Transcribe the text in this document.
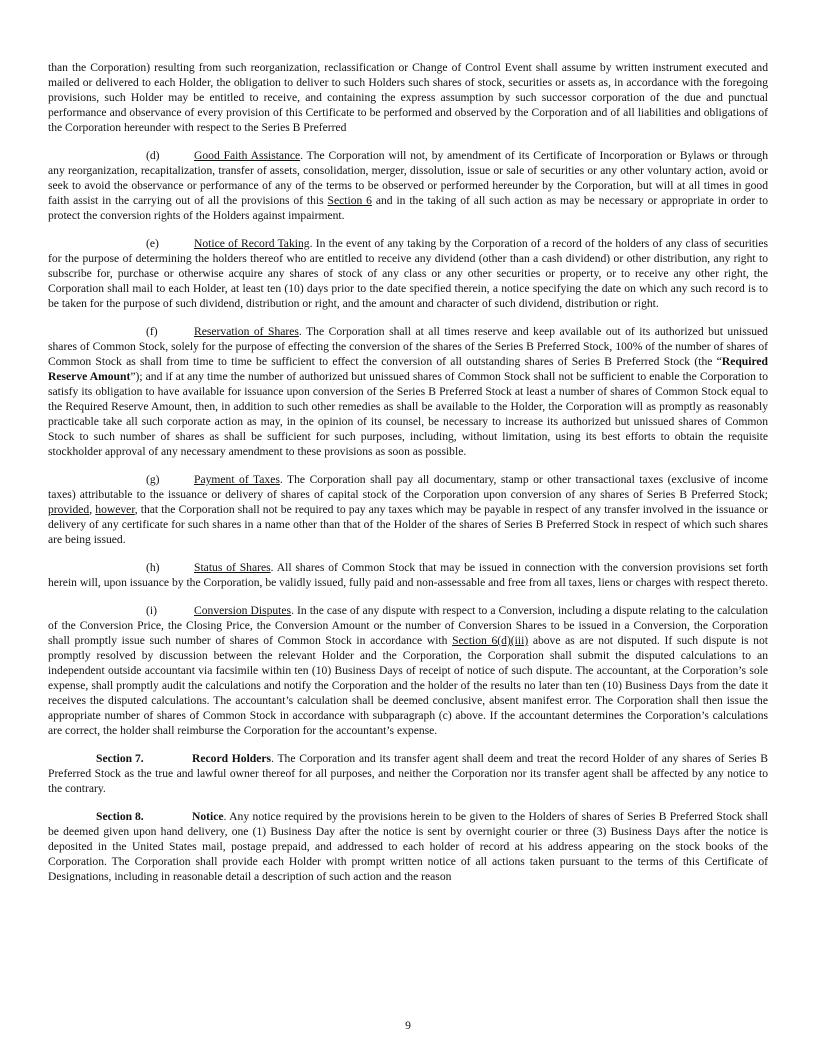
than the Corporation) resulting from such reorganization, reclassification or Change of Control Event shall assume by written instrument executed and mailed or delivered to each Holder, the obligation to deliver to such Holders such shares of stock, securities or assets as, in accordance with the foregoing provisions, such Holder may be entitled to receive, and containing the express assumption by such successor corporation of the due and punctual performance and observance of every provision of this Certificate to be performed and observed by the Corporation and of all liabilities and obligations of the Corporation hereunder with respect to the Series B Preferred

(d)	Good Faith Assistance. The Corporation will not, by amendment of its Certificate of Incorporation or Bylaws or through any reorganization, recapitalization, transfer of assets, consolidation, merger, dissolution, issue or sale of securities or any other voluntary action, avoid or seek to avoid the observance or performance of any of the terms to be observed or performed hereunder by the Corporation, but will at all times in good faith assist in the carrying out of all the provisions of this Section 6 and in the taking of all such action as may be necessary or appropriate in order to protect the conversion rights of the Holders against impairment.

(e)	Notice of Record Taking. In the event of any taking by the Corporation of a record of the holders of any class of securities for the purpose of determining the holders thereof who are entitled to receive any dividend (other than a cash dividend) or other distribution, any right to subscribe for, purchase or otherwise acquire any shares of stock of any class or any other securities or property, or to receive any other right, the Corporation shall mail to each Holder, at least ten (10) days prior to the date specified therein, a notice specifying the date on which any such record is to be taken for the purpose of such dividend, distribution or right, and the amount and character of such dividend, distribution or right.

(f)	Reservation of Shares. The Corporation shall at all times reserve and keep available out of its authorized but unissued shares of Common Stock, solely for the purpose of effecting the conversion of the shares of the Series B Preferred Stock, 100% of the number of shares of Common Stock as shall from time to time be sufficient to effect the conversion of all outstanding shares of Series B Preferred Stock (the “Required Reserve Amount”); and if at any time the number of authorized but unissued shares of Common Stock shall not be sufficient to enable the Corporation to satisfy its obligation to have available for issuance upon conversion of the Series B Preferred Stock at least a number of shares of Common Stock equal to the Required Reserve Amount, then, in addition to such other remedies as shall be available to the Holder, the Corporation will as promptly as reasonably practicable take all such corporate action as may, in the opinion of its counsel, be necessary to increase its authorized but unissued shares of Common Stock to such number of shares as shall be sufficient for such purposes, including, without limitation, using its best efforts to obtain the requisite stockholder approval of any necessary amendment to these provisions as soon as possible.

(g)	Payment of Taxes. The Corporation shall pay all documentary, stamp or other transactional taxes (exclusive of income taxes) attributable to the issuance or delivery of shares of capital stock of the Corporation upon conversion of any shares of Series B Preferred Stock; provided, however, that the Corporation shall not be required to pay any taxes which may be payable in respect of any transfer involved in the issuance or delivery of any certificate for such shares in a name other than that of the Holder of the shares of Series B Preferred Stock in respect of which such shares are being issued.

(h)	Status of Shares. All shares of Common Stock that may be issued in connection with the conversion provisions set forth herein will, upon issuance by the Corporation, be validly issued, fully paid and non-assessable and free from all taxes, liens or charges with respect thereto.

(i)	Conversion Disputes. In the case of any dispute with respect to a Conversion, including a dispute relating to the calculation of the Conversion Price, the Closing Price, the Conversion Amount or the number of Conversion Shares to be issued in a Conversion, the Corporation shall promptly issue such number of shares of Common Stock in accordance with Section 6(d)(iii) above as are not disputed. If such dispute is not promptly resolved by discussion between the relevant Holder and the Corporation, the Corporation shall submit the disputed calculations to an independent outside accountant via facsimile within ten (10) Business Days of receipt of notice of such dispute. The accountant, at the Corporation’s sole expense, shall promptly audit the calculations and notify the Corporation and the holder of the results no later than ten (10) Business Days from the date it receives the disputed calculations. The accountant’s calculation shall be deemed conclusive, absent manifest error. The Corporation shall then issue the appropriate number of shares of Common Stock in accordance with subparagraph (c) above. If the accountant determines the Corporation’s calculations are correct, the holder shall reimburse the Corporation for the accountant’s expense.

Section 7.	Record Holders. The Corporation and its transfer agent shall deem and treat the record Holder of any shares of Series B Preferred Stock as the true and lawful owner thereof for all purposes, and neither the Corporation nor its transfer agent shall be affected by any notice to the contrary.

Section 8.	Notice. Any notice required by the provisions herein to be given to the Holders of shares of Series B Preferred Stock shall be deemed given upon hand delivery, one (1) Business Day after the notice is sent by overnight courier or three (3) Business Days after the notice is deposited in the United States mail, postage prepaid, and addressed to each holder of record at his address appearing on the stock books of the Corporation. The Corporation shall provide each Holder with prompt written notice of all actions taken pursuant to the terms of this Certificate of Designations, including in reasonable detail a description of such action and the reason

9
